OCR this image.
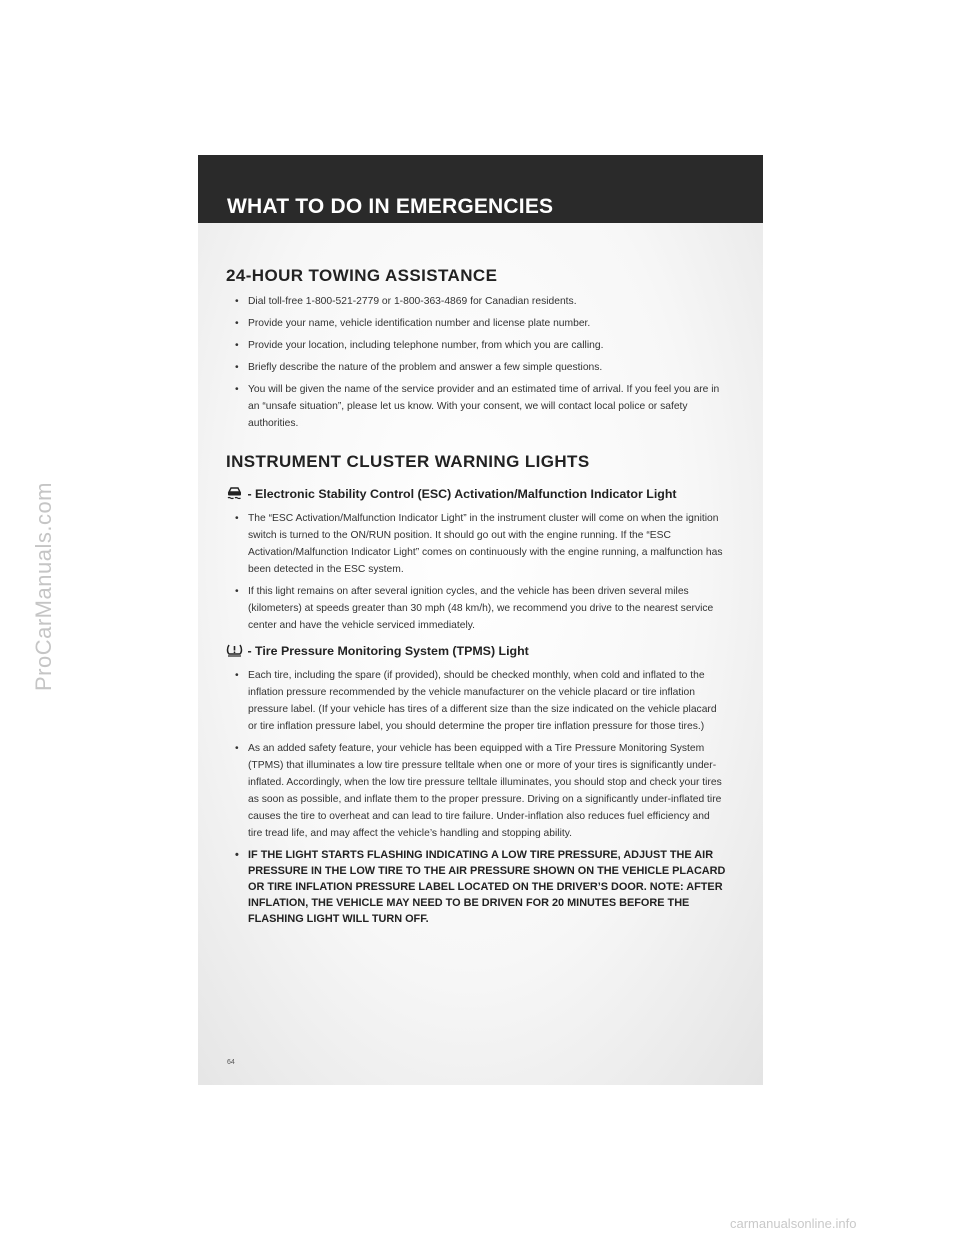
WHAT TO DO IN EMERGENCIES
24-HOUR TOWING ASSISTANCE
• Dial toll-free 1-800-521-2779 or 1-800-363-4869 for Canadian residents.
• Provide your name, vehicle identification number and license plate number.
• Provide your location, including telephone number, from which you are calling.
• Briefly describe the nature of the problem and answer a few simple questions.
• You will be given the name of the service provider and an estimated time of arrival. If you feel you are in an “unsafe situation”, please let us know. With your consent, we will contact local police or safety authorities.
INSTRUMENT CLUSTER WARNING LIGHTS
- Electronic Stability Control (ESC) Activation/Malfunction Indicator Light
• The “ESC Activation/Malfunction Indicator Light” in the instrument cluster will come on when the ignition switch is turned to the ON/RUN position. It should go out with the engine running. If the “ESC Activation/Malfunction Indicator Light” comes on continuously with the engine running, a malfunction has been detected in the ESC system.
• If this light remains on after several ignition cycles, and the vehicle has been driven several miles (kilometers) at speeds greater than 30 mph (48 km/h), we recommend you drive to the nearest service center and have the vehicle serviced immediately.
- Tire Pressure Monitoring System (TPMS) Light
• Each tire, including the spare (if provided), should be checked monthly, when cold and inflated to the inflation pressure recommended by the vehicle manufacturer on the vehicle placard or tire inflation pressure label. (If your vehicle has tires of a different size than the size indicated on the vehicle placard or tire inflation pressure label, you should determine the proper tire inflation pressure for those tires.)
• As an added safety feature, your vehicle has been equipped with a Tire Pressure Monitoring System (TPMS) that illuminates a low tire pressure telltale when one or more of your tires is significantly under-inflated. Accordingly, when the low tire pressure telltale illuminates, you should stop and check your tires as soon as possible, and inflate them to the proper pressure. Driving on a significantly under-inflated tire causes the tire to overheat and can lead to tire failure. Under-inflation also reduces fuel efficiency and tire tread life, and may affect the vehicle’s handling and stopping ability.
• IF THE LIGHT STARTS FLASHING INDICATING A LOW TIRE PRESSURE, ADJUST THE AIR PRESSURE IN THE LOW TIRE TO THE AIR PRESSURE SHOWN ON THE VEHICLE PLACARD OR TIRE INFLATION PRESSURE LABEL LOCATED ON THE DRIVER’S DOOR. NOTE: AFTER INFLATION, THE VEHICLE MAY NEED TO BE DRIVEN FOR 20 MINUTES BEFORE THE FLASHING LIGHT WILL TURN OFF.
64
ProCarManuals.com
carmanualsonline.info
